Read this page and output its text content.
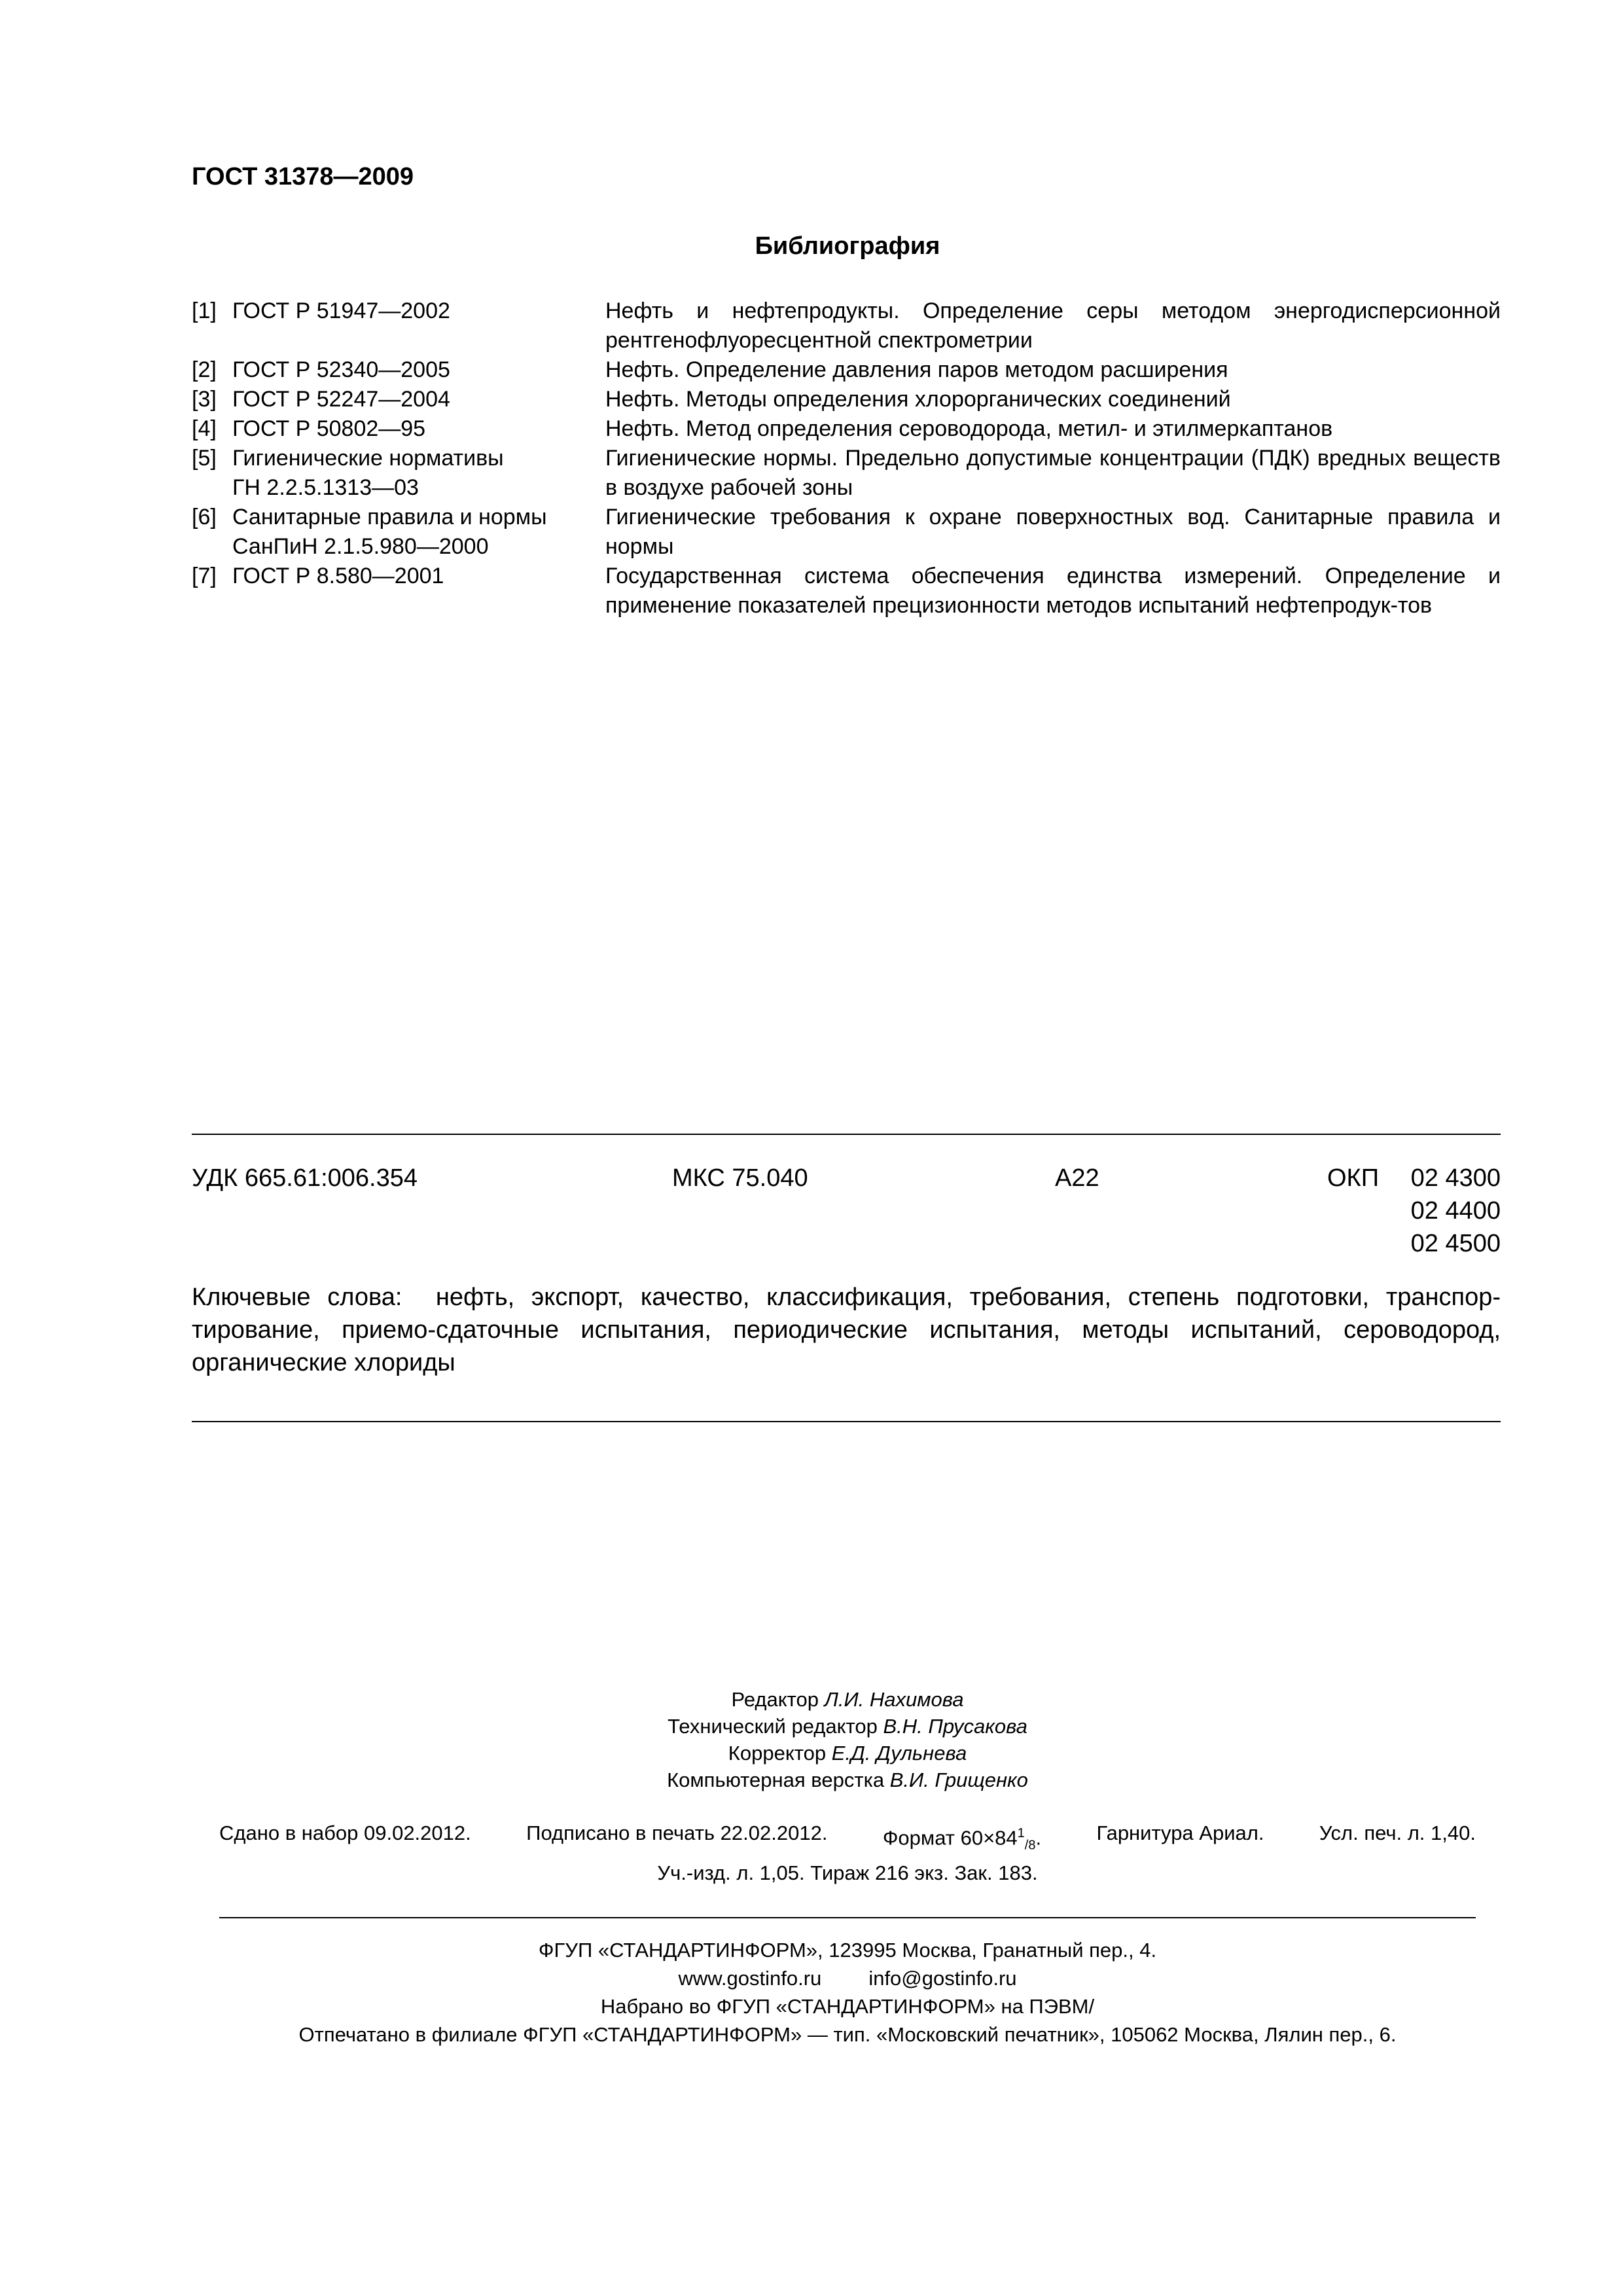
ГОСТ 31378—2009
Библиография
[1] ГОСТ Р 51947—2002	Нефть и нефтепродукты. Определение серы методом энергодисперсионной рентгенофлуоресцентной спектрометрии
[2] ГОСТ Р 52340—2005	Нефть. Определение давления паров методом расширения
[3] ГОСТ Р 52247—2004	Нефть. Методы определения хлорорганических соединений
[4] ГОСТ Р 50802—95	Нефть. Метод определения сероводорода, метил- и этилмеркаптанов
[5] Гигиенические нормативы
ГН 2.2.5.1313—03
Гигиенические нормы. Предельно допустимые концентрации (ПДК) вредных веществ в воздухе рабочей зоны
[6] Санитарные правила и нормы
СанПиН 2.1.5.980—2000
Гигиенические требования к охране поверхностных вод. Санитарные правила и нормы
[7] ГОСТ Р 8.580—2001	Государственная система обеспечения единства измерений. Определение и применение показателей прецизионности методов испытаний нефтепродук-тов
УДК 665.61:006.354	МКС 75.040	А22	ОКП	02 4300
02 4400
02 4500
Ключевые слова: нефть, экспорт, качество, классификация, требования, степень подготовки, транспор-тирование, приемо-сдаточные испытания, периодические испытания, методы испытаний, сероводород, органические хлориды
Редактор Л.И. Нахимова
Технический редактор В.Н. Прусакова
Корректор Е.Д. Дульнева
Компьютерная верстка В.И. Грищенко
Сдано в набор 09.02.2012.	Подписано в печать 22.02.2012.	Формат $60\times 84^1_{/8}$.	Гарнитура Ариал.	Усл. печ. л. 1,40.
Уч.-изд. л. 1,05. Тираж 216 экз. Зак. 183.
ФГУП «СТАНДАРТИНФОРМ», 123995 Москва, Гранатный пер., 4.
www.gostinfo.ru info@gostinfo.ru
Набрано во ФГУП «СТАНДАРТИНФОРМ» на ПЭВМ/
Отпечатано в филиале ФГУП «СТАНДАРТИНФОРМ» — тип. «Московский печатник», 105062 Москва, Лялин пер., 6.
